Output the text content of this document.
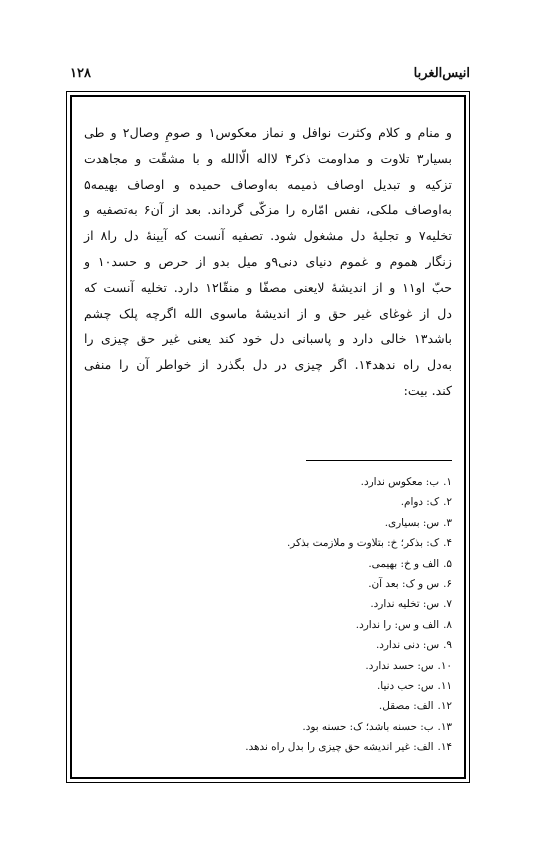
انیس‌الغربا
۱۲۸

و منام و کلام وکثرت نوافل و نماز معکوس۱ و صومِ وصال۲ و طی
بسیار۳ تلاوت و مداومت ذکر۴ لااله الّاالله و با مشقّت و مجاهدت
تزکیه و تبدیل اوصاف ذمیمه به‌اوصاف حمیده و اوصاف بهیمه۵
به‌اوصاف ملکی، نفس امّاره را مزکّی گرداند. بعد از آن۶ به‌تصفیه و
تخلیه۷ و تجلیهٔ دل مشغول شود. تصفیه آنست که آیینهٔ دل را۸ از
زنگار هموم و غموم دنیای دنی۹و میل بدو از حرص و حسد۱۰ و
حبّ او۱۱ و از اندیشهٔ لایعنی مصفّا و منقّا۱۲ دارد. تخلیه آنست که
دل از غوغای غیر حق و از اندیشهٔ ماسوی الله اگرچه پلک چشم
باشد۱۳ خالی دارد و پاسبانی دل خود کند یعنی غیر حق چیزی را
به‌دل راه ندهد۱۴. اگر چیزی در دل بگذرد از خواطر آن را منفی
کند. بیت:

۱.ب: معکوس ندارد.
۲.ک: دوام.
۳.س: بسیاری.
۴.ک: بذکر؛ خ: بتلاوت و ملازمت بذکر.
۵.الف و خ: بهیمی.
۶.س و ک: بعد آن.
۷.س: تخلیه ندارد.
۸.الف و س: را ندارد.
۹.س: دنی ندارد.
۱۰.س: حسد ندارد.
۱۱.س: حب دنیا.
۱۲.الف: مصقل.
۱۳.ب: حسنه باشد؛ ک: حسنه بود.
۱۴.الف: غیر اندیشه حق چیزی را بدل راه ندهد.
